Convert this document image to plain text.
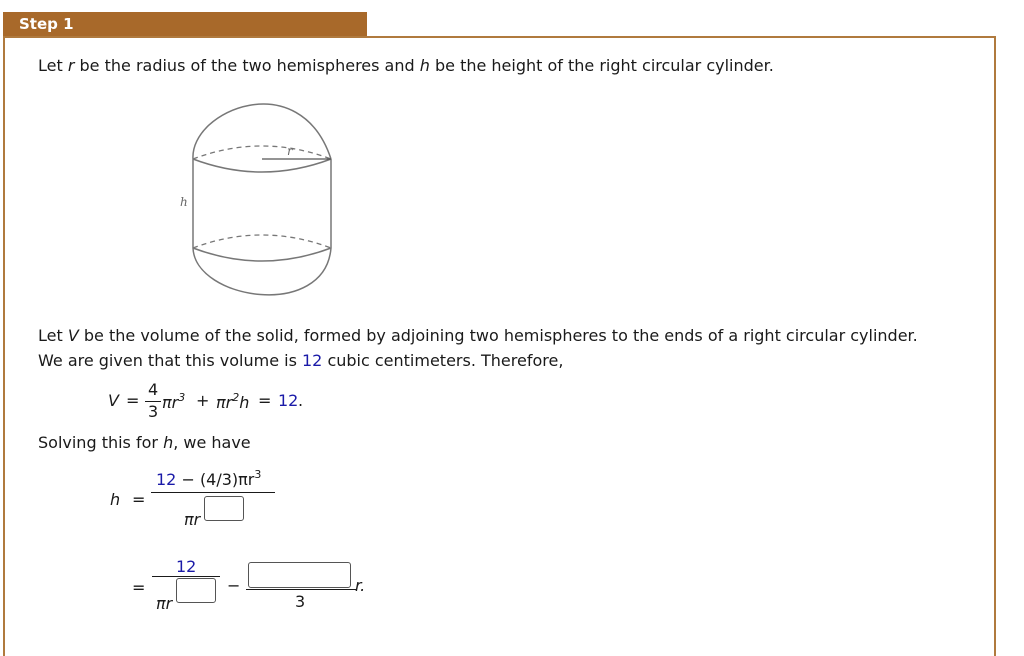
Step 1
Let r be the radius of the two hemispheres and h be the height of the right circular cylinder.
r
h
Let V be the volume of the solid, formed by adjoining two hemispheres to the ends of a right circular cylinder.
We are given that this volume is 12 cubic centimeters. Therefore,
V =
4
3 $\pi r^3 + \pi r^2h = 12$ .
Solving this for h, we have
h =
$12 - (4/3)\pi r^3$
πr
=
12
πr
−
3
r.
